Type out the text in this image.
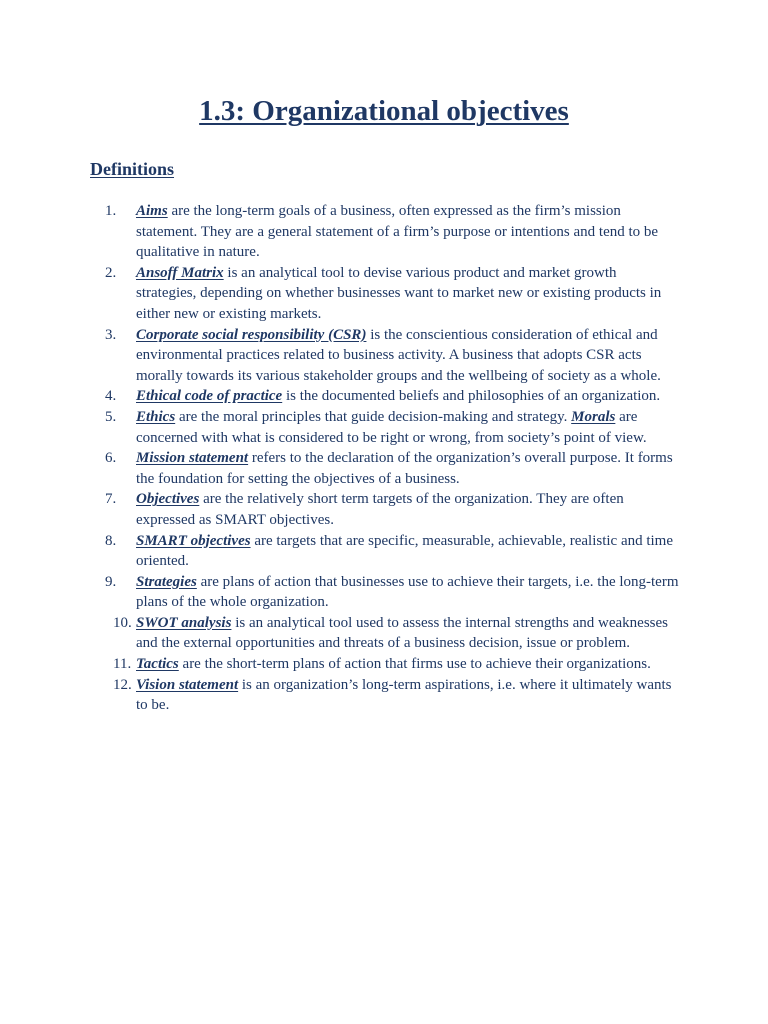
1.3: Organizational objectives
Definitions
1.	Aims are the long-term goals of a business, often expressed as the firm’s mission statement. They are a general statement of a firm’s purpose or intentions and tend to be qualitative in nature.
2.	Ansoff Matrix is an analytical tool to devise various product and market growth strategies, depending on whether businesses want to market new or existing products in either new or existing markets.
3.	Corporate social responsibility (CSR) is the conscientious consideration of ethical and environmental practices related to business activity. A business that adopts CSR acts morally towards its various stakeholder groups and the wellbeing of society as a whole.
4.	Ethical code of practice is the documented beliefs and philosophies of an organization.
5.	Ethics are the moral principles that guide decision-making and strategy. Morals are concerned with what is considered to be right or wrong, from society’s point of view.
6.	Mission statement refers to the declaration of the organization’s overall purpose. It forms the foundation for setting the objectives of a business.
7.	Objectives are the relatively short term targets of the organization. They are often expressed as SMART objectives.
8.	SMART objectives are targets that are specific, measurable, achievable, realistic and time oriented.
9.	Strategies are plans of action that businesses use to achieve their targets, i.e. the long-term plans of the whole organization.
10. SWOT analysis is an analytical tool used to assess the internal strengths and weaknesses and the external opportunities and threats of a business decision, issue or problem.
11. Tactics are the short-term plans of action that firms use to achieve their organizations.
12. Vision statement is an organization’s long-term aspirations, i.e. where it ultimately wants to be.
